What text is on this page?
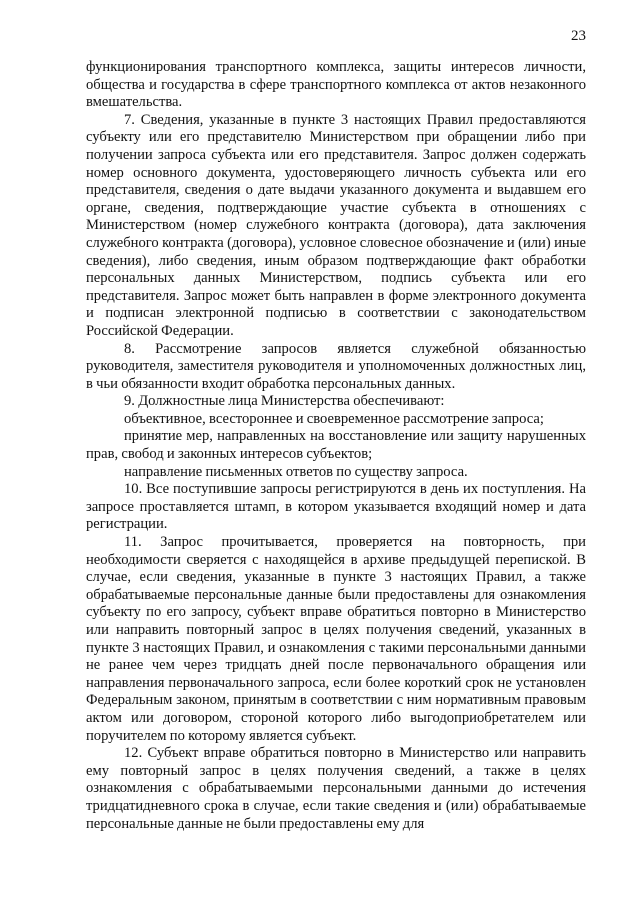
23

функционирования транспортного комплекса, защиты интересов личности, общества и государства в сфере транспортного комплекса от актов незаконного вмешательства.

7. Сведения, указанные в пункте 3 настоящих Правил предоставляются субъекту или его представителю Министерством при обращении либо при получении запроса субъекта или его представителя. Запрос должен содержать номер основного документа, удостоверяющего личность субъекта или его представителя, сведения о дате выдачи указанного документа и выдавшем его органе, сведения, подтверждающие участие субъекта в отношениях с Министерством (номер служебного контракта (договора), дата заключения служебного контракта (договора), условное словесное обозначение и (или) иные сведения), либо сведения, иным образом подтверждающие факт обработки персональных данных Министерством, подпись субъекта или его представителя. Запрос может быть направлен в форме электронного документа и подписан электронной подписью в соответствии с законодательством Российской Федерации.

8. Рассмотрение запросов является служебной обязанностью руководителя, заместителя руководителя и уполномоченных должностных лиц, в чьи обязанности входит обработка персональных данных.

9. Должностные лица Министерства обеспечивают:

объективное, всестороннее и своевременное рассмотрение запроса;

принятие мер, направленных на восстановление или защиту нарушенных прав, свобод и законных интересов субъектов;

направление письменных ответов по существу запроса.

10. Все поступившие запросы регистрируются в день их поступления. На запросе проставляется штамп, в котором указывается входящий номер и дата регистрации.

11. Запрос прочитывается, проверяется на повторность, при необходимости сверяется с находящейся в архиве предыдущей перепиской. В случае, если сведения, указанные в пункте 3 настоящих Правил, а также обрабатываемые персональные данные были предоставлены для ознакомления субъекту по его запросу, субъект вправе обратиться повторно в Министерство или направить повторный запрос в целях получения сведений, указанных в пункте 3 настоящих Правил, и ознакомления с такими персональными данными не ранее чем через тридцать дней после первоначального обращения или направления первоначального запроса, если более короткий срок не установлен Федеральным законом, принятым в соответствии с ним нормативным правовым актом или договором, стороной которого либо выгодоприобретателем или поручителем по которому является субъект.

12. Субъект вправе обратиться повторно в Министерство или направить ему повторный запрос в целях получения сведений, а также в целях ознакомления с обрабатываемыми персональными данными до истечения тридцатидневного срока в случае, если такие сведения и (или) обрабатываемые персональные данные не были предоставлены ему для
